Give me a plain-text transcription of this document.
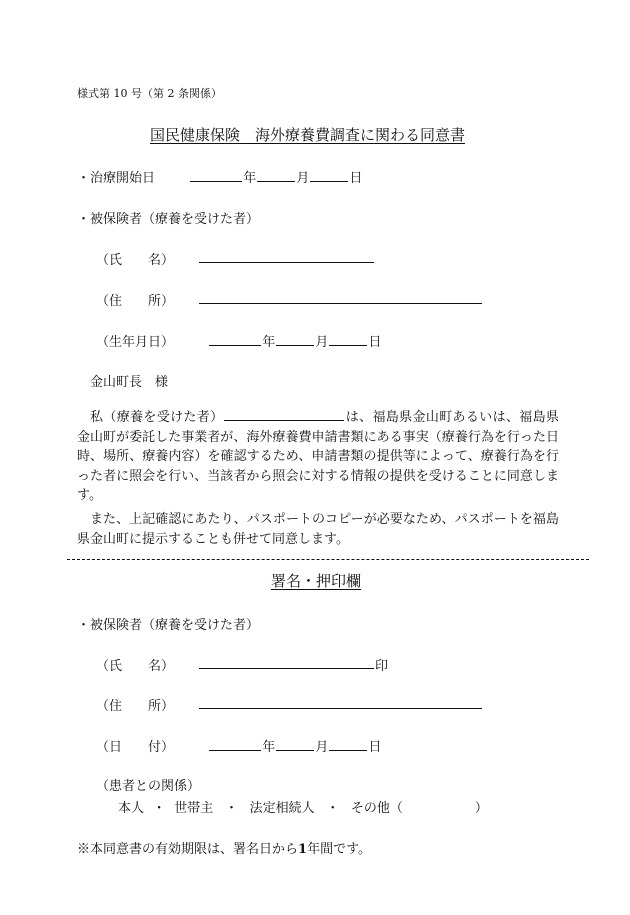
様式第 10 号（第 2 条関係）
国民健康保険　海外療養費調査に関わる同意書
・治療開始日	年	月	日
・被保険者（療養を受けた者）
（氏　　名）
（住　　所）
（生年月日）	年	月	日
金山町長　様
私（療養を受けた者）	は、福島県金山町あるいは、福島県金山町が委託した事業者が、海外療養費申請書類にある事実（療養行為を行った日時、場所、療養内容）を確認するため、申請書類の提供等によって、療養行為を行った者に照会を行い、当該者から照会に対する情報の提供を受けることに同意します。
また、上記確認にあたり、パスポートのコピーが必要なため、パスポートを福島県金山町に提示することも併せて同意します。
署名・押印欄
・被保険者（療養を受けた者）
（氏　　名）	印
（住　　所）
（日　　付）	年	月	日
（患者との関係）
本人 ・ 世帯主 ・ 法定相続人 ・ その他（	）
※本同意書の有効期限は、署名日から1年間です。
